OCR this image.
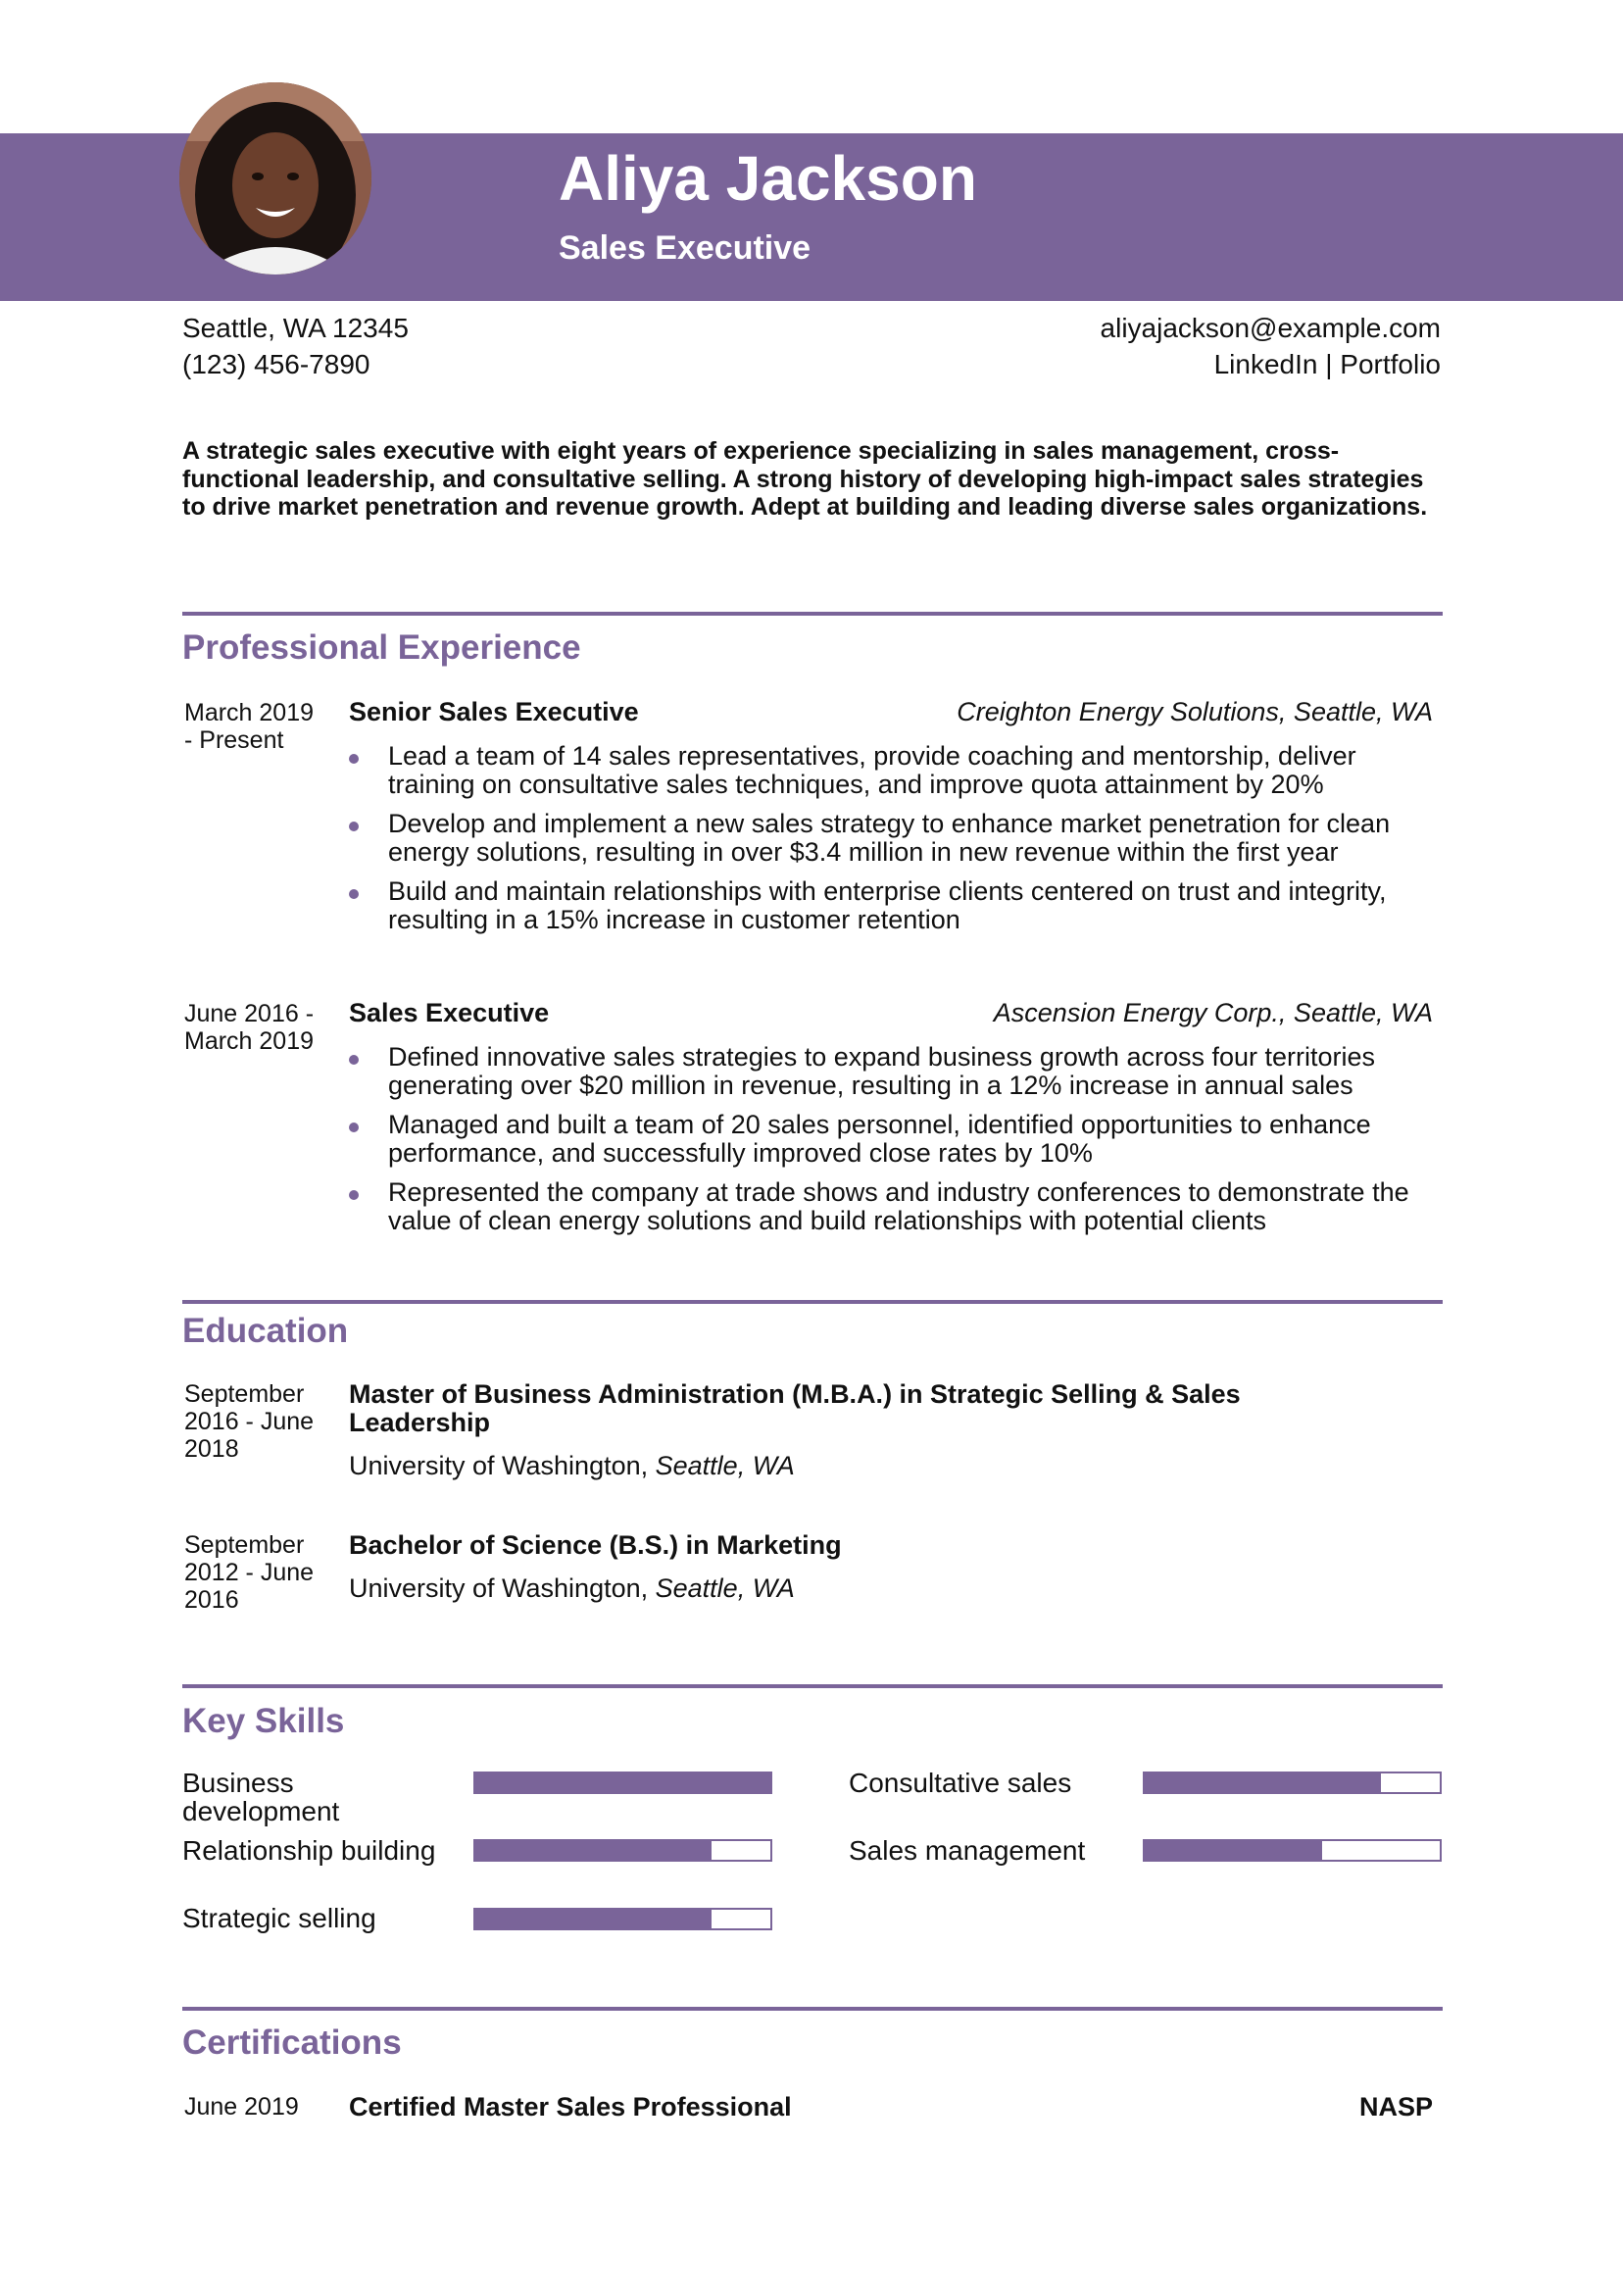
Aliya Jackson
Sales Executive
Seattle, WA 12345
(123) 456-7890
aliyajackson@example.com
LinkedIn | Portfolio

A strategic sales executive with eight years of experience specializing in sales management, cross-functional leadership, and consultative selling. A strong history of developing high-impact sales strategies to drive market penetration and revenue growth. Adept at building and leading diverse sales organizations.

Professional Experience
March 2019 - Present
Senior Sales Executive	Creighton Energy Solutions, Seattle, WA
Lead a team of 14 sales representatives, provide coaching and mentorship, deliver training on consultative sales techniques, and improve quota attainment by 20%
Develop and implement a new sales strategy to enhance market penetration for clean energy solutions, resulting in over $3.4 million in new revenue within the first year
Build and maintain relationships with enterprise clients centered on trust and integrity, resulting in a 15% increase in customer retention
June 2016 - March 2019
Sales Executive	Ascension Energy Corp., Seattle, WA
Defined innovative sales strategies to expand business growth across four territories generating over $20 million in revenue, resulting in a 12% increase in annual sales
Managed and built a team of 20 sales personnel, identified opportunities to enhance performance, and successfully improved close rates by 10%
Represented the company at trade shows and industry conferences to demonstrate the value of clean energy solutions and build relationships with potential clients
Education
September 2016 - June 2018
Master of Business Administration (M.B.A.) in Strategic Selling & Sales Leadership
University of Washington, Seattle, WA
September 2012 - June 2016
Bachelor of Science (B.S.) in Marketing
University of Washington, Seattle, WA
Key Skills
Business development
Consultative sales
Relationship building	Sales management
Strategic selling
Certifications
June 2019 Certified Master Sales Professional	NASP
